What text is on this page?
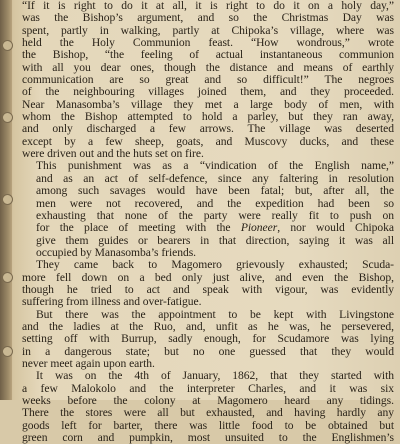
“If it is right to do it at all, it is right to do it on a holy day,”
was the Bishop’s argument, and so the Christmas Day was
spent, partly in walking, partly at Chipoka’s village, where was
held the Holy Communion feast. “How wondrous,” wrote
the Bishop, “the feeling of actual instantaneous communion
with all you dear ones, though the distance and means of earthly
communication are so great and so difficult!” The negroes
of the neighbouring villages joined them, and they proceeded.
Near Manasomba’s village they met a large body of men, with
whom the Bishop attempted to hold a parley, but they ran away,
and only discharged a few arrows. The village was deserted
except by a few sheep, goats, and Muscovy ducks, and these
were driven out and the huts set on fire.

This punishment was as a “vindication of the English name,”
and as an act of self-defence, since any faltering in resolution
among such savages would have been fatal; but, after all, the
men were not recovered, and the expedition had been so
exhausting that none of the party were really fit to push on
for the place of meeting with the Pioneer, nor would Chipoka
give them guides or bearers in that direction, saying it was all
occupied by Manasomba’s friends.

They came back to Magomero grievously exhausted; Scuda-
more fell down on a bed only just alive, and even the Bishop,
though he tried to act and speak with vigour, was evidently
suffering from illness and over-fatigue.

But there was the appointment to be kept with Livingstone
and the ladies at the Ruo, and, unfit as he was, he persevered,
setting off with Burrup, sadly enough, for Scudamore was lying
in a dangerous state; but no one guessed that they would
never meet again upon earth.

It was on the 4th of January, 1862, that they started with
a few Malokolo and the interpreter Charles, and it was six
weeks before the colony at Magomero heard any tidings.
There the stores were all but exhausted, and having hardly any
goods left for barter, there was little food to be obtained but
green corn and pumpkin, most unsuited to the Englishmen’s
